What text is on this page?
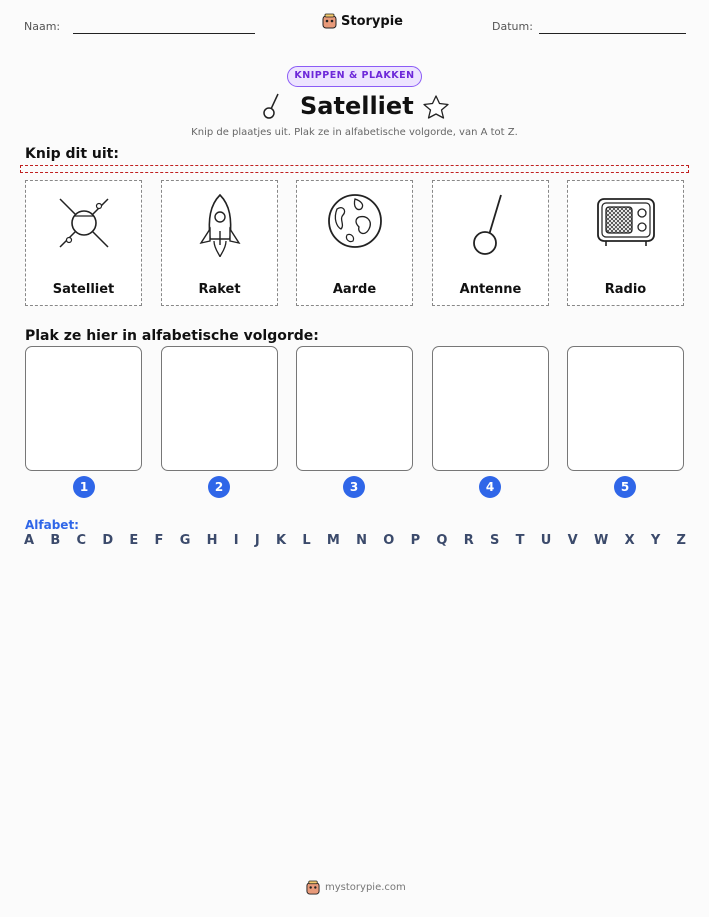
Naam:	Storypie	Datum:
KNIPPEN & PLAKKEN
Satelliet
Knip de plaatjes uit. Plak ze in alfabetische volgorde, van A tot Z.
Knip dit uit:
Satelliet	Raket	Aarde	Antenne	Radio
Plak ze hier in alfabetische volgorde:
1	2	3	4	5
Alfabet:
A B C D E F G H I J K L M N O P Q R S T U V W X Y Z
mystorypie.com
